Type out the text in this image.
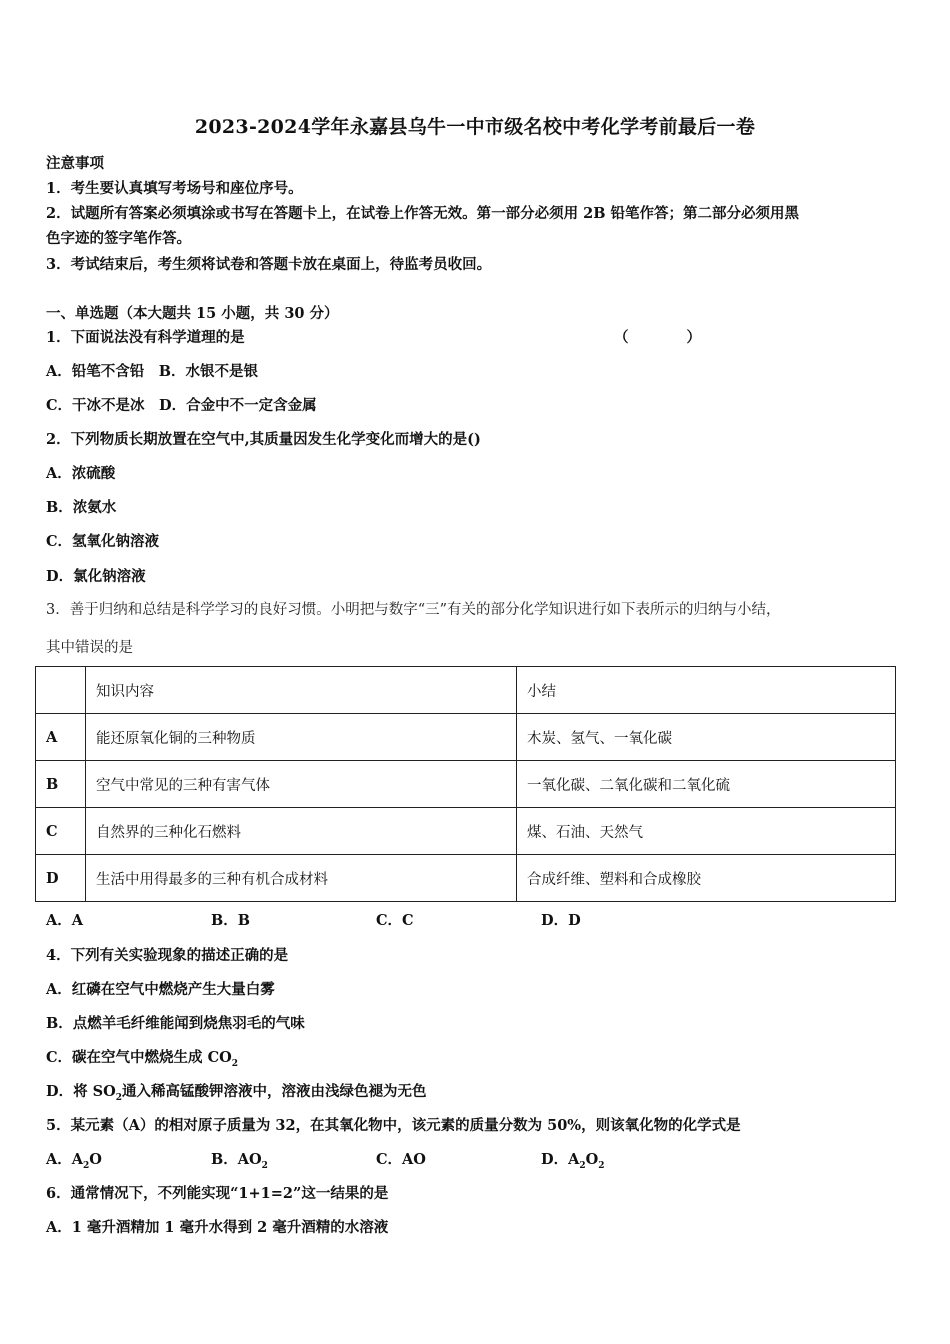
2023-2024学年永嘉县乌牛一中市级名校中考化学考前最后一卷
注意事项
1．考生要认真填写考场号和座位序号。
2．试题所有答案必须填涂或书写在答题卡上，在试卷上作答无效。第一部分必须用 2B 铅笔作答；第二部分必须用黑
色字迹的签字笔作答。
3．考试结束后，考生须将试卷和答题卡放在桌面上，待监考员收回。
一、单选题（本大题共 15 小题，共 30 分）
1．下面说法没有科学道理的是	（	）
A．铅笔不含铅　B．水银不是银
C．干冰不是冰　D．合金中不一定含金属
2．下列物质长期放置在空气中,其质量因发生化学变化而增大的是()
A．浓硫酸
B．浓氨水
C．氢氧化钠溶液
D．氯化钠溶液
3．善于归纳和总结是科学学习的良好习惯。小明把与数字“三”有关的部分化学知识进行如下表所示的归纳与小结，
其中错误的是
	知识内容	小结
A	能还原氧化铜的三种物质	木炭、氢气、一氧化碳
B	空气中常见的三种有害气体	一氧化碳、二氧化碳和二氧化硫
C	自然界的三种化石燃料	煤、石油、天然气
D	生活中用得最多的三种有机合成材料	合成纤维、塑料和合成橡胶
A．A	B．B	C．C	D．D
4．下列有关实验现象的描述正确的是
A．红磷在空气中燃烧产生大量白雾
B．点燃羊毛纤维能闻到烧焦羽毛的气味
C．碳在空气中燃烧生成 $CO_2$
D．将 $SO_2$通入稀高锰酸钾溶液中，溶液由浅绿色褪为无色
5．某元素（A）的相对原子质量为 32，在其氧化物中，该元素的质量分数为 50%，则该氧化物的化学式是
A．$A_2O$	B．$AO_2$	C．AO	D．$A_2O_2$
6．通常情况下，不列能实现“1+1=2”这一结果的是
A．1 毫升酒精加 1 毫升水得到 2 毫升酒精的水溶液
